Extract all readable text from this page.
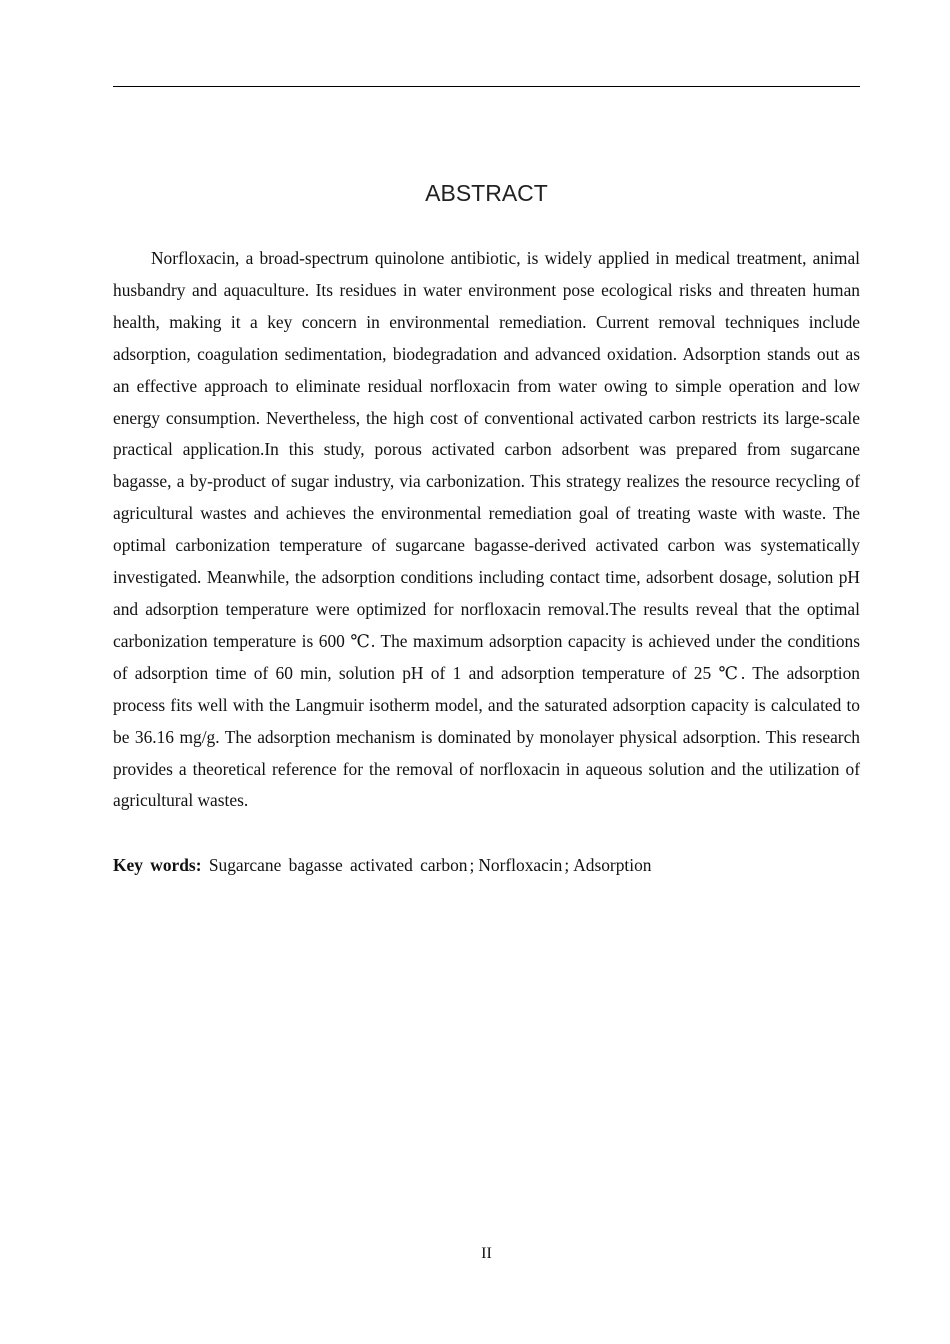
ABSTRACT

Norfloxacin, a broad-spectrum quinolone antibiotic, is widely applied in medical treatment, animal husbandry and aquaculture. Its residues in water environment pose ecological risks and threaten human health, making it a key concern in environmental remediation. Current removal techniques include adsorption, coagulation sedimentation, biodegradation and advanced oxidation. Adsorption stands out as an effective approach to eliminate residual norfloxacin from water owing to simple operation and low energy consumption. Nevertheless, the high cost of conventional activated carbon restricts its large-scale practical application.In this study, porous activated carbon adsorbent was prepared from sugarcane bagasse, a by-product of sugar industry, via carbonization. This strategy realizes the resource recycling of agricultural wastes and achieves the environmental remediation goal of treating waste with waste. The optimal carbonization temperature of sugarcane bagasse-derived activated carbon was systematically investigated. Meanwhile, the adsorption conditions including contact time, adsorbent dosage, solution pH and adsorption temperature were optimized for norfloxacin removal.The results reveal that the optimal carbonization temperature is 600 ℃. The maximum adsorption capacity is achieved under the conditions of adsorption time of 60 min, solution pH of 1 and adsorption temperature of 25 ℃. The adsorption process fits well with the Langmuir isotherm model, and the saturated adsorption capacity is calculated to be 36.16 mg/g. The adsorption mechanism is dominated by monolayer physical adsorption. This research provides a theoretical reference for the removal of norfloxacin in aqueous solution and the utilization of agricultural wastes.

Key words: Sugarcane bagasse activated carbon ; Norfloxacin ; Adsorption

II
